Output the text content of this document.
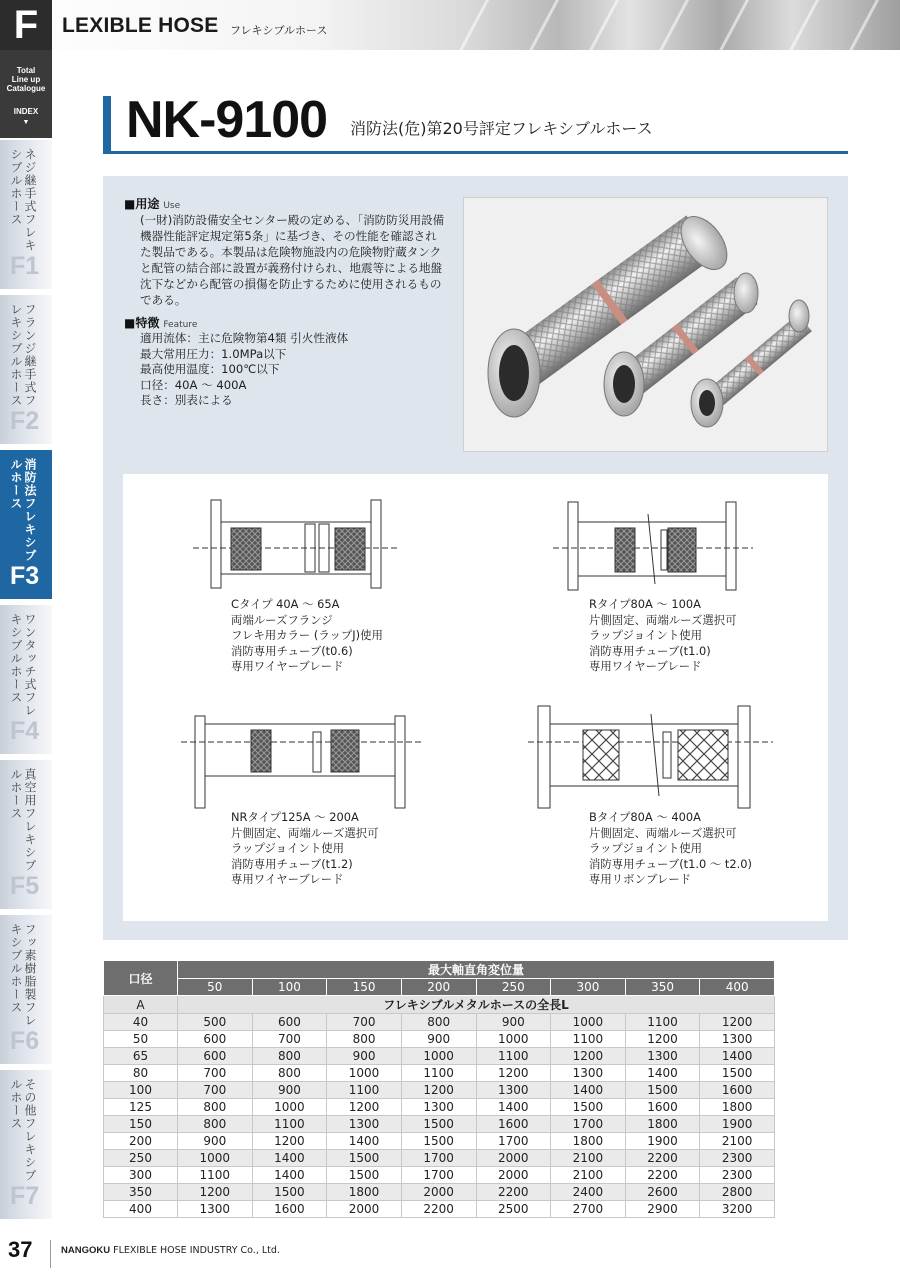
F	LEXIBLE HOSE フレキシブルホース
Total
Line up
Catalogue
INDEX
▼
ネジ継手式フレキシブルホース
F1
フランジ継手式フレキシブルホース
F2
消防法フレキシブルホース
F3
ワンタッチ式フレキシブルホース
F4
真空用フレキシブルホース
F5
フッ素樹脂製フレキシブルホース
F6
その他フレキシブルホース
F7
NK-9100 消防法(危)第20号評定フレキシブルホース
■用途 Use
(一財)消防設備安全センター殿の定める、「消防防災用設備機器性能評定規定第5条」に基づき、その性能を確認された製品である。本製品は危険物施設内の危険物貯蔵タンクと配管の結合部に設置が義務付けられ、地震等による地盤沈下などから配管の損傷を防止するために使用されるものである。
■特徴 Feature
適用流体：主に危険物第4類 引火性液体
最大常用圧力：1.0MPa以下
最高使用温度：100℃以下
口径：40A ～ 400A
長さ：別表による
Cタイプ 40A ～ 65A
両端ルーズフランジ
フレキ用カラー (ラップJ)使用
消防専用チューブ(t0.6)
専用ワイヤーブレード
Rタイプ80A ～ 100A
片側固定、両端ルーズ選択可
ラップジョイント使用
消防専用チューブ(t1.0)
専用ワイヤーブレード
NRタイプ125A ～ 200A
片側固定、両端ルーズ選択可
ラップジョイント使用
消防専用チューブ(t1.2)
専用ワイヤーブレード
Bタイプ80A ～ 400A
片側固定、両端ルーズ選択可
ラップジョイント使用
消防専用チューブ(t1.0 ～ t2.0)
専用リボンブレード
口径	最大軸直角変位量							
	50	100	150	200	250	300	350	400
A	フレキシブルメタルホースの全長L							
40	500	600	700	800	900	1000	1100	1200
50	600	700	800	900	1000	1100	1200	1300
65	600	800	900	1000	1100	1200	1300	1400
80	700	800	1000	1100	1200	1300	1400	1500
100	700	900	1100	1200	1300	1400	1500	1600
125	800	1000	1200	1300	1400	1500	1600	1800
150	800	1100	1300	1500	1600	1700	1800	1900
200	900	1200	1400	1500	1700	1800	1900	2100
250	1000	1400	1500	1700	2000	2100	2200	2300
300	1100	1400	1500	1700	2000	2100	2200	2300
350	1200	1500	1800	2000	2200	2400	2600	2800
400	1300	1600	2000	2200	2500	2700	2900	3200
37	NANGOKU FLEXIBLE HOSE INDUSTRY Co., Ltd.
